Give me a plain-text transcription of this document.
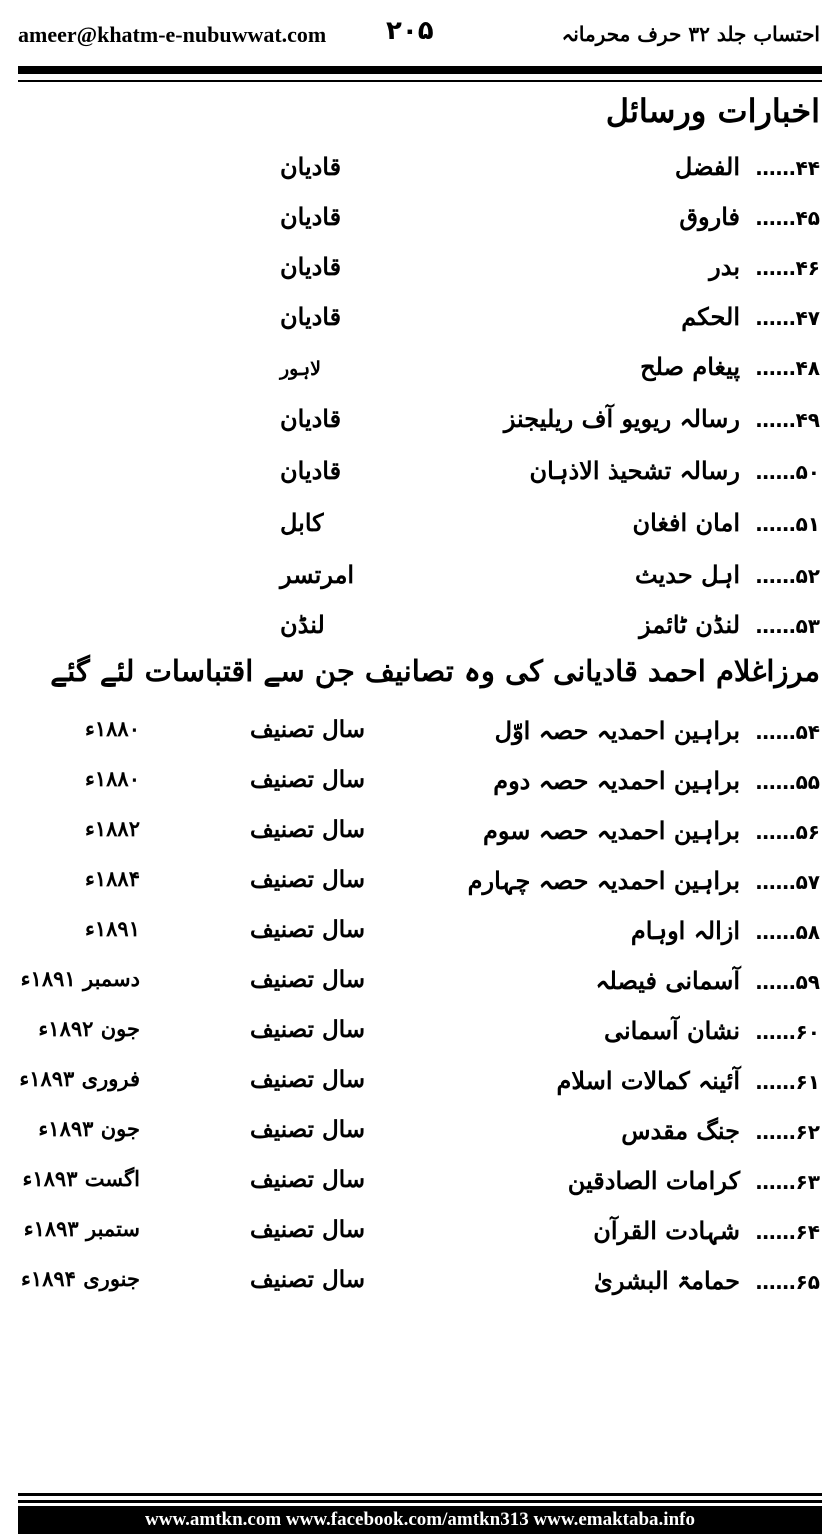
ameer@khatm-e-nubuwwat.com ۲۰۵	احتساب جلد ۳۲ حرف محرمانہ
اخبارات ورسائل
۴۴……
الفضل
قادیان
۴۵……
فاروق
قادیان
۴۶……
بدر
قادیان
۴۷……
الحکم
قادیان
۴۸……
پیغام صلح
لاہور
۴۹……
رسالہ ریویو آف ریلیجنز
قادیان
۵۰……
رسالہ تشحیذ الاذہان
قادیان
۵۱……
امان افغان
کابل
۵۲……
اہل حدیث
امرتسر
۵۳……
لنڈن ٹائمز
لنڈن
مرزاغلام احمد قادیانی کی وہ تصانیف جن سے اقتباسات لئے گئے
۵۴……
براہین احمدیہ حصہ اوّل
سال تصنیف
۱۸۸۰ء
۵۵……
براہین احمدیہ حصہ دوم
سال تصنیف
۱۸۸۰ء
۵۶……
براہین احمدیہ حصہ سوم
سال تصنیف
۱۸۸۲ء
۵۷……
براہین احمدیہ حصہ چہارم
سال تصنیف
۱۸۸۴ء
۵۸……
ازالہ اوہام
سال تصنیف
۱۸۹۱ء
۵۹……
آسمانی فیصلہ
سال تصنیف
دسمبر ۱۸۹۱ء
۶۰……
نشان آسمانی
سال تصنیف
جون ۱۸۹۲ء
۶۱……
آئینہ کمالات اسلام
سال تصنیف
فروری ۱۸۹۳ء
۶۲……
جنگ مقدس
سال تصنیف
جون ۱۸۹۳ء
۶۳……
کرامات الصادقین
سال تصنیف
اگست ۱۸۹۳ء
۶۴……
شہادت القرآن
سال تصنیف
ستمبر ۱۸۹۳ء
۶۵……
حمامۃ البشریٰ
سال تصنیف
جنوری ۱۸۹۴ء
www.amtkn.com www.facebook.com/amtkn313 www.emaktaba.info
